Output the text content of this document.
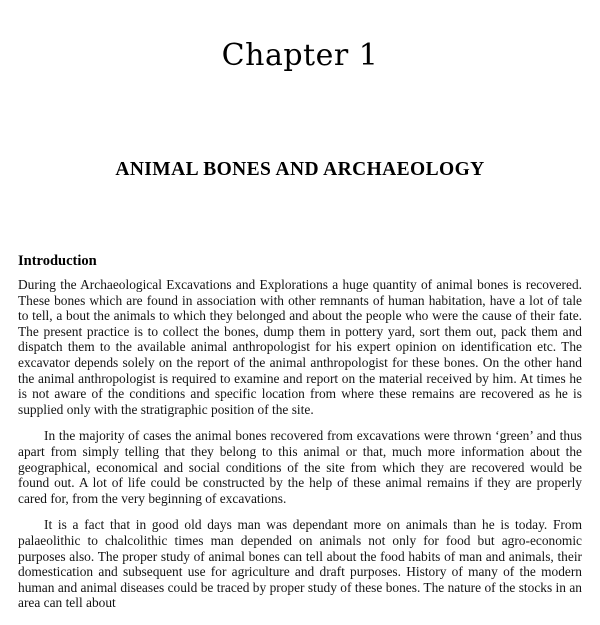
Chapter 1
ANIMAL BONES AND ARCHAEOLOGY
Introduction

During the Archaeological Excavations and Explorations a huge quantity of animal bones is recovered. These bones which are found in association with other remnants of human habitation, have a lot of tale to tell, a bout the animals to which they belonged and about the people who were the cause of their fate. The present practice is to collect the bones, dump them in pottery yard, sort them out, pack them and dispatch them to the available animal anthropologist for his expert opinion on identification etc. The excavator depends solely on the report of the animal anthropologist for these bones. On the other hand the animal anthropologist is required to examine and report on the material received by him. At times he is not aware of the conditions and specific location from where these remains are recovered as he is supplied only with the stratigraphic position of the site.

In the majority of cases the animal bones recovered from excavations were thrown ‘green’ and thus apart from simply telling that they belong to this animal or that, much more information about the geographical, economical and social conditions of the site from which they are recovered would be found out. A lot of life could be constructed by the help of these animal remains if they are properly cared for, from the very beginning of excavations.

It is a fact that in good old days man was dependant more on animals than he is today. From palaeolithic to chalcolithic times man depended on animals not only for food but agro-economic purposes also. The proper study of animal bones can tell about the food habits of man and animals, their domestication and subsequent use for agriculture and draft purposes. History of many of the modern human and animal diseases could be traced by proper study of these bones. The nature of the stocks in an area can tell about
